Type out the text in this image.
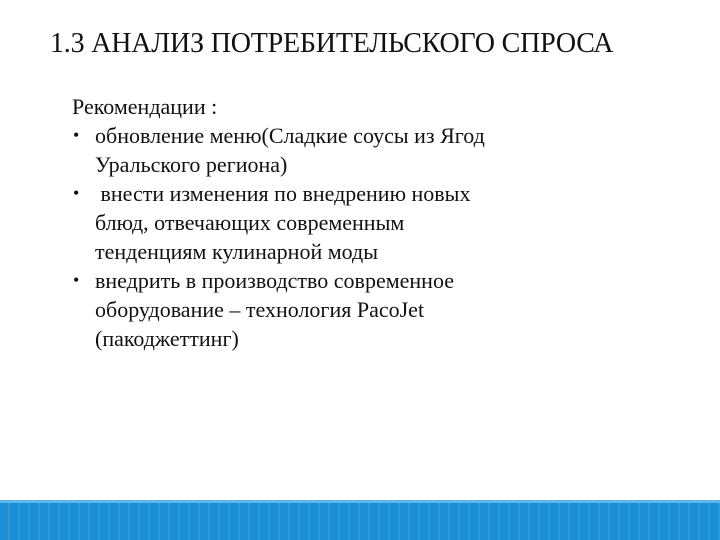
1.3 АНАЛИЗ ПОТРЕБИТЕЛЬСКОГО СПРОСА

Рекомендации :

• обновление меню(Сладкие соусы из Ягод
Уральского региона)
• внести изменения по внедрению новых
блюд, отвечающих современным
тенденциям кулинарной моды
• внедрить в производство современное
оборудование – технология PacoJet
(пакоджеттинг)
